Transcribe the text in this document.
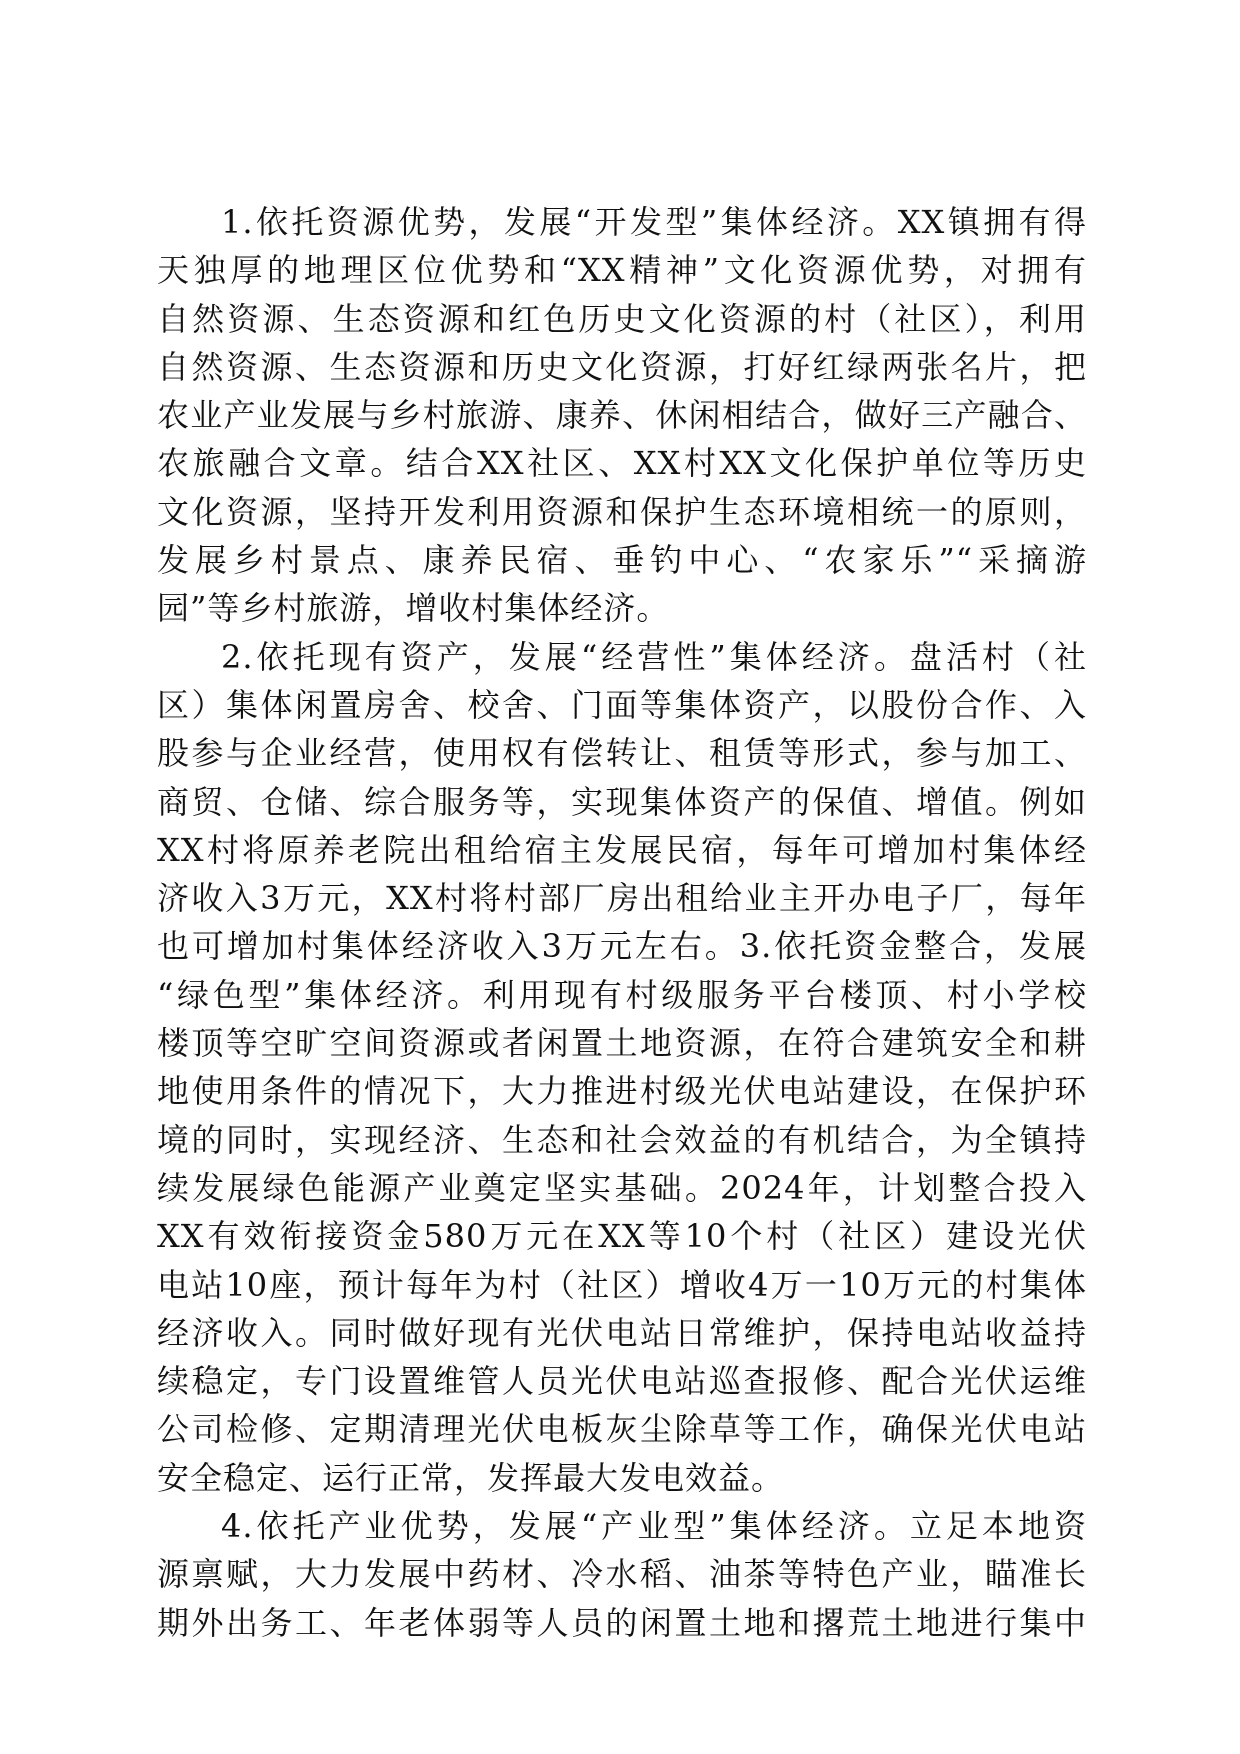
1.依托资源优势，发展“开发型”集体经济。XX镇拥有得
天独厚的地理区位优势和“XX精神”文化资源优势，对拥有
自然资源、生态资源和红色历史文化资源的村（社区），利用
自然资源、生态资源和历史文化资源，打好红绿两张名片，把
农业产业发展与乡村旅游、康养、休闲相结合，做好三产融合、
农旅融合文章。结合XX社区、XX村XX文化保护单位等历史
文化资源，坚持开发利用资源和保护生态环境相统一的原则，
发展乡村景点、康养民宿、垂钓中心、“农家乐”“采摘游
园”等乡村旅游，增收村集体经济。
2.依托现有资产，发展“经营性”集体经济。盘活村（社
区）集体闲置房舍、校舍、门面等集体资产，以股份合作、入
股参与企业经营，使用权有偿转让、租赁等形式，参与加工、
商贸、仓储、综合服务等，实现集体资产的保值、增值。例如
XX村将原养老院出租给宿主发展民宿，每年可增加村集体经
济收入3万元，XX村将村部厂房出租给业主开办电子厂，每年
也可增加村集体经济收入3万元左右。3.依托资金整合，发展
“绿色型”集体经济。利用现有村级服务平台楼顶、村小学校
楼顶等空旷空间资源或者闲置土地资源，在符合建筑安全和耕
地使用条件的情况下，大力推进村级光伏电站建设，在保护环
境的同时，实现经济、生态和社会效益的有机结合，为全镇持
续发展绿色能源产业奠定坚实基础。2024年，计划整合投入
XX有效衔接资金580万元在XX等10个村（社区）建设光伏
电站10座，预计每年为村（社区）增收4万一10万元的村集体
经济收入。同时做好现有光伏电站日常维护，保持电站收益持
续稳定，专门设置维管人员光伏电站巡查报修、配合光伏运维
公司检修、定期清理光伏电板灰尘除草等工作，确保光伏电站
安全稳定、运行正常，发挥最大发电效益。
4.依托产业优势，发展“产业型”集体经济。立足本地资
源禀赋，大力发展中药材、冷水稻、油茶等特色产业，瞄准长
期外出务工、年老体弱等人员的闲置土地和撂荒土地进行集中
